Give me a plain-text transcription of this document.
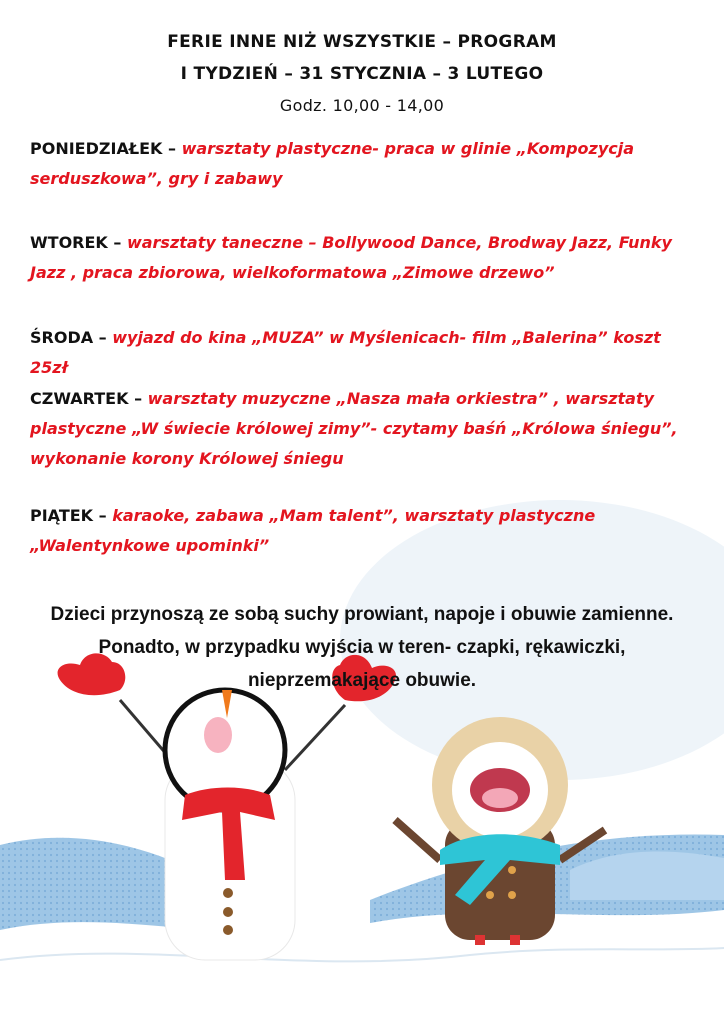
FERIE INNE NIŻ WSZYSTKIE – PROGRAM
I TYDZIEŃ – 31 STYCZNIA – 3 LUTEGO
Godz. 10,00 - 14,00
PONIEDZIAŁEK – warsztaty plastyczne- praca w glinie „Kompozycja serduszkowa”, gry i zabawy
WTOREK – warsztaty taneczne – Bollywood Dance, Brodway Jazz, Funky Jazz , praca zbiorowa, wielkoformatowa „Zimowe drzewo”
ŚRODA – wyjazd do kina „MUZA” w Myślenicach- film „Balerina” koszt 25zł
CZWARTEK – warsztaty muzyczne „Nasza mała orkiestra” , warsztaty plastyczne „W świecie królowej zimy”- czytamy baśń „Królowa śniegu”, wykonanie korony Królowej śniegu
PIĄTEK – karaoke, zabawa „Mam talent”, warsztaty plastyczne „Walentynkowe upominki”
Dzieci przynoszą ze sobą suchy prowiant, napoje i obuwie zamienne. Ponadto, w przypadku wyjścia w teren- czapki, rękawiczki, nieprzemakające obuwie.
